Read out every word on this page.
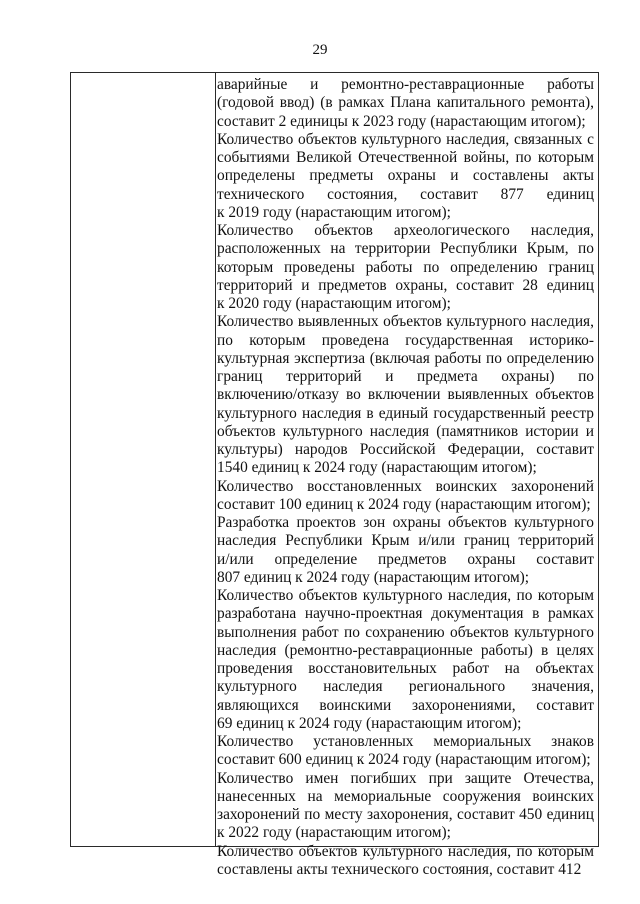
29
аварийные и ремонтно-реставрационные работы
(годовой ввод) (в рамках Плана капитального ремонта),
составит 2 единицы к 2023 году (нарастающим итогом);
Количество объектов культурного наследия, связанных с
событиями Великой Отечественной войны, по которым
определены предметы охраны и составлены акты
технического состояния, составит 877 единиц
к 2019 году (нарастающим итогом);
Количество объектов археологического наследия,
расположенных на территории Республики Крым, по
которым проведены работы по определению границ
территорий и предметов охраны, составит 28 единиц
к 2020 году (нарастающим итогом);
Количество выявленных объектов культурного наследия,
по которым проведена государственная историко-
культурная экспертиза (включая работы по определению
границ территорий и предмета охраны) по
включению/отказу во включении выявленных объектов
культурного наследия в единый государственный реестр
объектов культурного наследия (памятников истории и
культуры) народов Российской Федерации, составит
1540 единиц к 2024 году (нарастающим итогом);
Количество восстановленных воинских захоронений
составит 100 единиц к 2024 году (нарастающим итогом);
Разработка проектов зон охраны объектов культурного
наследия Республики Крым и/или границ территорий
и/или определение предметов охраны составит
807 единиц к 2024 году (нарастающим итогом);
Количество объектов культурного наследия, по которым
разработана научно-проектная документация в рамках
выполнения работ по сохранению объектов культурного
наследия (ремонтно-реставрационные работы) в целях
проведения восстановительных работ на объектах
культурного наследия регионального значения,
являющихся воинскими захоронениями, составит
69 единиц к 2024 году (нарастающим итогом);
Количество установленных мемориальных знаков
составит 600 единиц к 2024 году (нарастающим итогом);
Количество имен погибших при защите Отечества,
нанесенных на мемориальные сооружения воинских
захоронений по месту захоронения, составит 450 единиц
к 2022 году (нарастающим итогом);
Количество объектов культурного наследия, по которым
составлены акты технического состояния, составит 412
